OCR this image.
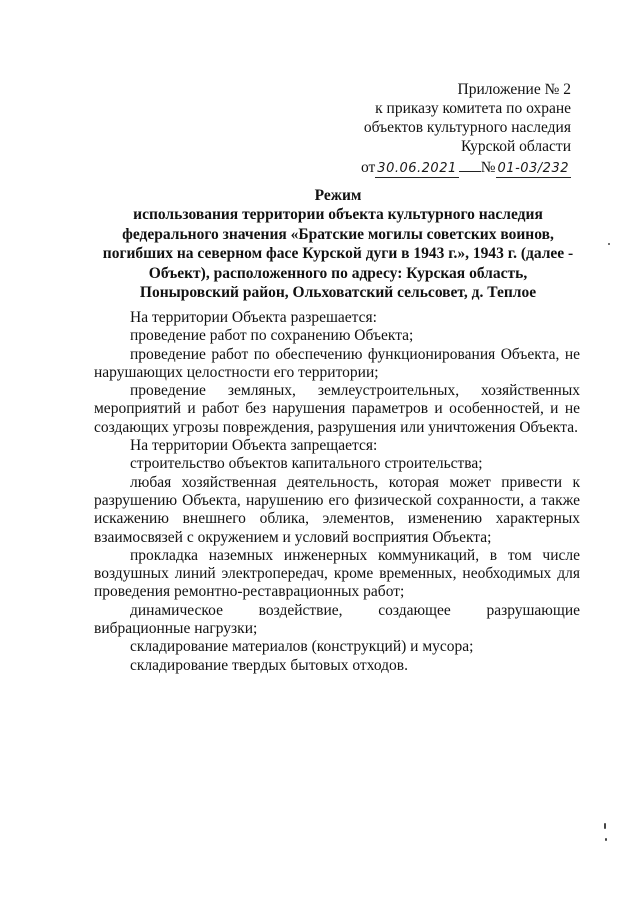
Приложение № 2
к приказу комитета по охране
объектов культурного наследия
Курской области
от 30.06.2021 № 01-03/232
Режим
использования территории объекта культурного наследия федерального значения «Братские могилы советских воинов, погибших на северном фасе Курской дуги в 1943 г.», 1943 г. (далее - Объект), расположенного по адресу: Курская область, Поныровский район, Ольховатский сельсовет, д. Теплое

На территории Объекта разрешается:

проведение работ по сохранению Объекта;

проведение работ по обеспечению функционирования Объекта, не нарушающих целостности его территории;

проведение земляных, землеустроительных, хозяйственных мероприятий и работ без нарушения параметров и особенностей, и не создающих угрозы повреждения, разрушения или уничтожения Объекта.

На территории Объекта запрещается:

строительство объектов капитального строительства;

любая хозяйственная деятельность, которая может привести к разрушению Объекта, нарушению его физической сохранности, а также искажению внешнего облика, элементов, изменению характерных взаимосвязей с окружением и условий восприятия Объекта;

прокладка наземных инженерных коммуникаций, в том числе воздушных линий электропередач, кроме временных, необходимых для проведения ремонтно-реставрационных работ;

динамическое воздействие, создающее разрушающие вибрационные нагрузки;

складирование материалов (конструкций) и мусора;

складирование твердых бытовых отходов.
